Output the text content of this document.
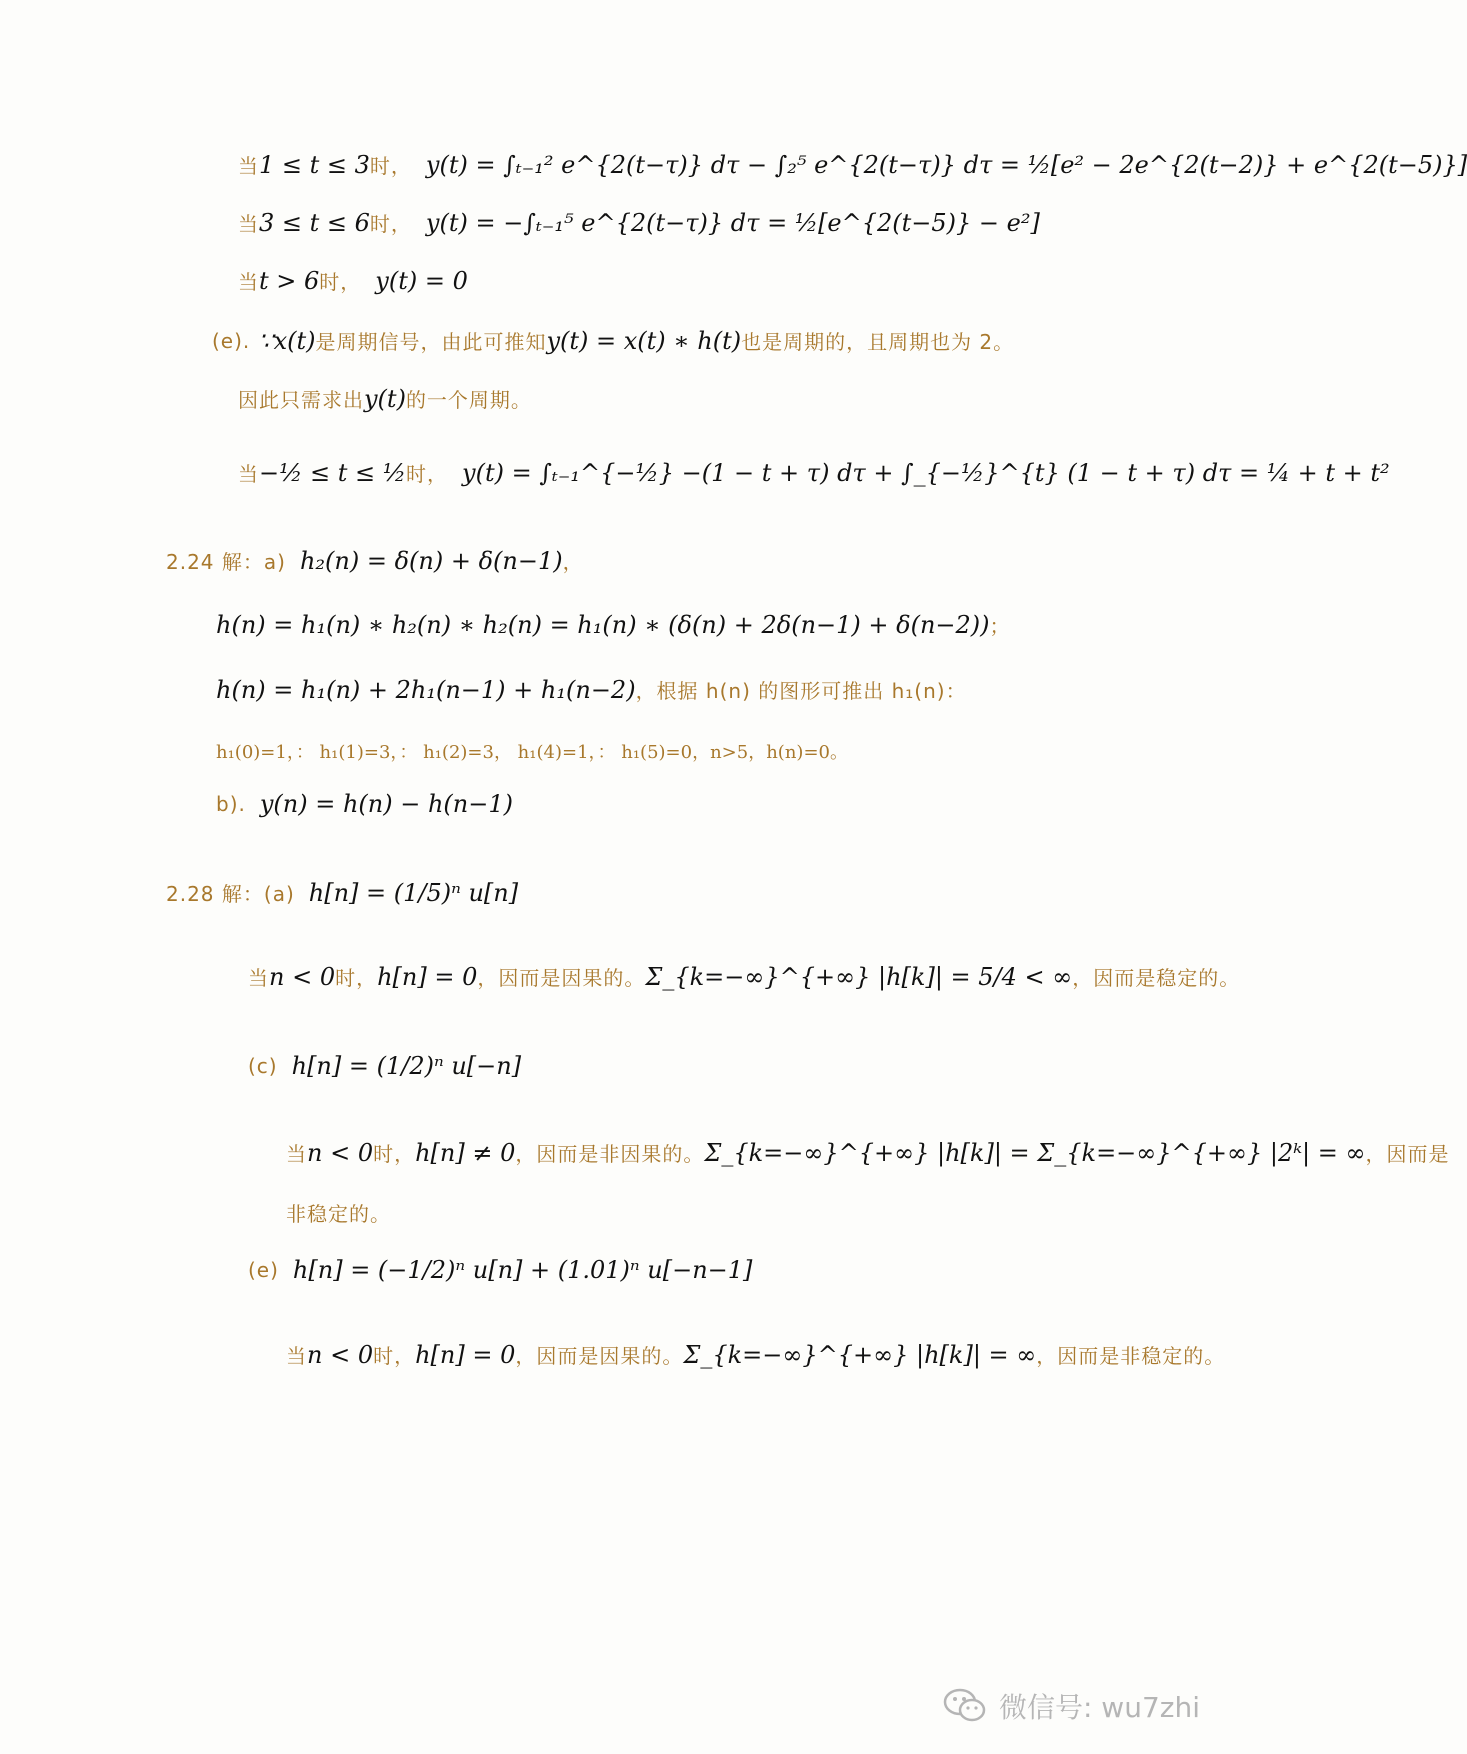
当 1 ≤ t ≤ 3 时， y(t) = ∫ₜ₋₁² e^{2(t−τ)} dτ − ∫₂⁵ e^{2(t−τ)} dτ = ½[e² − 2e^{2(t−2)} + e^{2(t−5)}]
当 3 ≤ t ≤ 6 时， y(t) = −∫ₜ₋₁⁵ e^{2(t−τ)} dτ = ½[e^{2(t−5)} − e²]
当 t > 6 时， y(t) = 0
(e). ∵ x(t) 是周期信号，由此可推知 y(t) = x(t) ∗ h(t) 也是周期的，且周期也为 2。
因此只需求出 y(t) 的一个周期。
当 −½ ≤ t ≤ ½ 时， y(t) = ∫ₜ₋₁^{−½} −(1 − t + τ) dτ + ∫_{−½}^{t} (1 − t + τ) dτ = ¼ + t + t²
2.24 解：a) h₂(n) = δ(n) + δ(n−1) ，
h(n) = h₁(n) ∗ h₂(n) ∗ h₂(n) = h₁(n) ∗ (δ(n) + 2δ(n−1) + δ(n−2)) ；
h(n) = h₁(n) + 2h₁(n−1) + h₁(n−2) ，根据 h(n) 的图形可推出 h₁(n)：
h₁(0)=1，： h₁(1)=3，： h₁(2)=3， h₁(4)=1，： h₁(5)=0，n>5，h(n)=0。
b). y(n) = h(n) − h(n−1)
2.28 解：(a) h[n] = (1/5)ⁿ u[n]
当 n < 0 时， h[n] = 0 ，因而是因果的。 Σ_{k=−∞}^{+∞} |h[k]| = 5/4 < ∞ ，因而是稳定的。
(c) h[n] = (1/2)ⁿ u[−n]
当 n < 0 时， h[n] ≠ 0 ，因而是非因果的。 Σ_{k=−∞}^{+∞} |h[k]| = Σ_{k=−∞}^{+∞} |2ᵏ| = ∞ ，因而是
非稳定的。
(e) h[n] = (−1/2)ⁿ u[n] + (1.01)ⁿ u[−n−1]
当 n < 0 时， h[n] = 0 ，因而是因果的。 Σ_{k=−∞}^{+∞} |h[k]| = ∞ ，因而是非稳定的。
微信号: wu7zhi
